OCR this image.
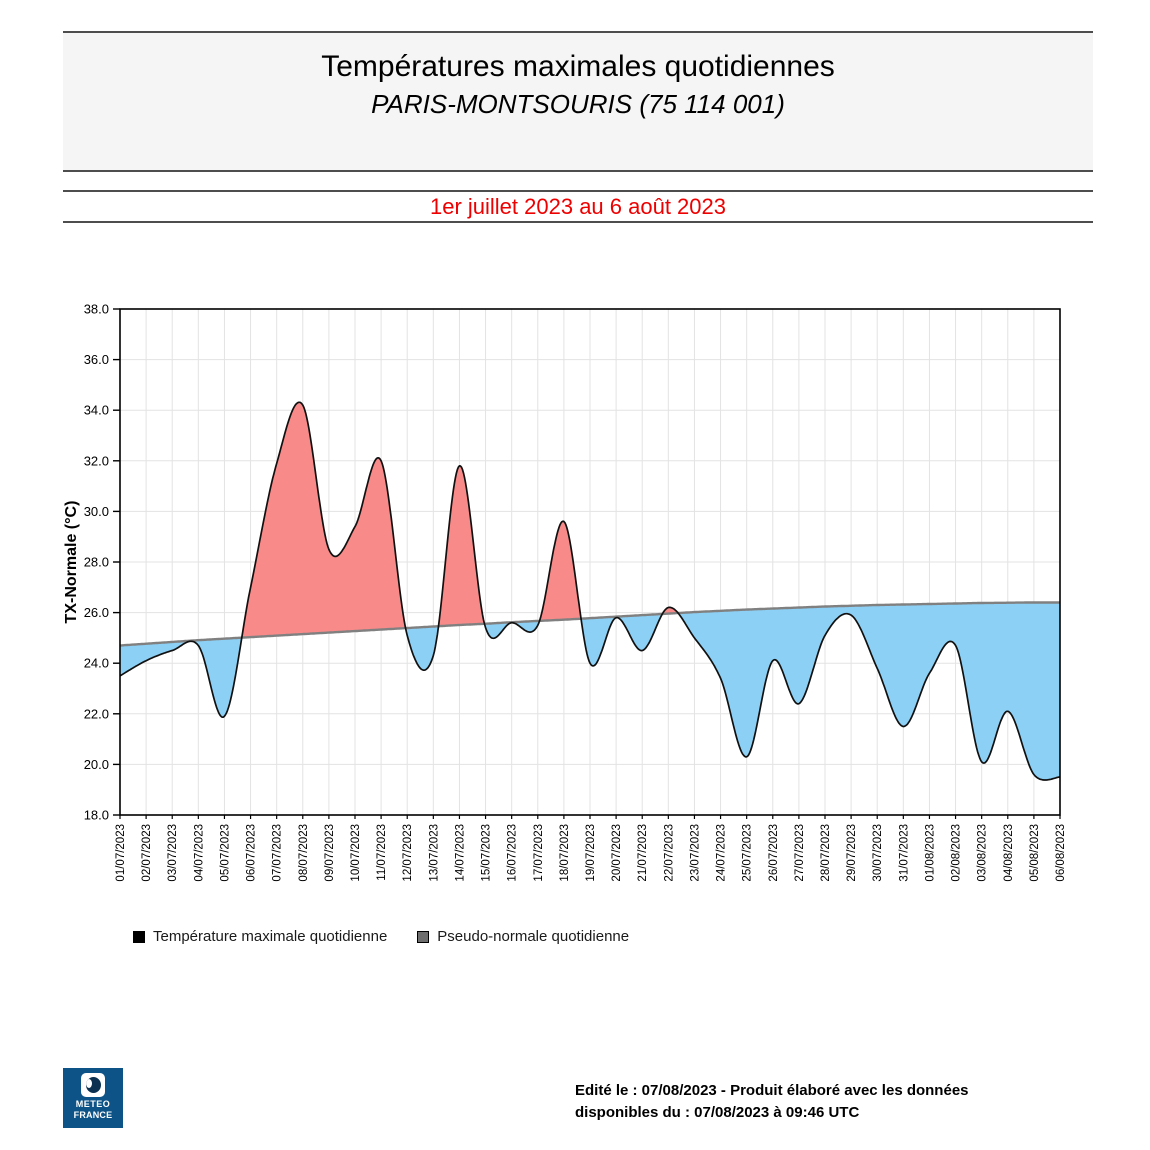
Températures maximales quotidiennes
PARIS-MONTSOURIS (75 114 001)
1er juillet 2023 au 6 août 2023
18.0
20.0
22.0
24.0
26.0
28.0
30.0
32.0
34.0
36.0
38.0
01/07/2023 02/07/2023 03/07/2023 04/07/2023 05/07/2023 06/07/2023 07/07/2023 08/07/2023 09/07/2023 10/07/2023 11/07/2023 12/07/2023 13/07/2023 14/07/2023 15/07/2023 16/07/2023 17/07/2023 18/07/2023 19/07/2023 20/07/2023 21/07/2023 22/07/2023 23/07/2023 24/07/2023 25/07/2023 26/07/2023 27/07/2023 28/07/2023 29/07/2023 30/07/2023 31/07/2023 01/08/2023 02/08/2023 03/08/2023 04/08/2023 05/08/2023 06/08/2023
TX-Normale (°C)
Température maximale quotidienne	Pseudo-normale quotidienne
METEO
FRANCE
Edité le : 07/08/2023 - Produit élaboré avec les données
disponibles du : 07/08/2023 à 09:46 UTC
